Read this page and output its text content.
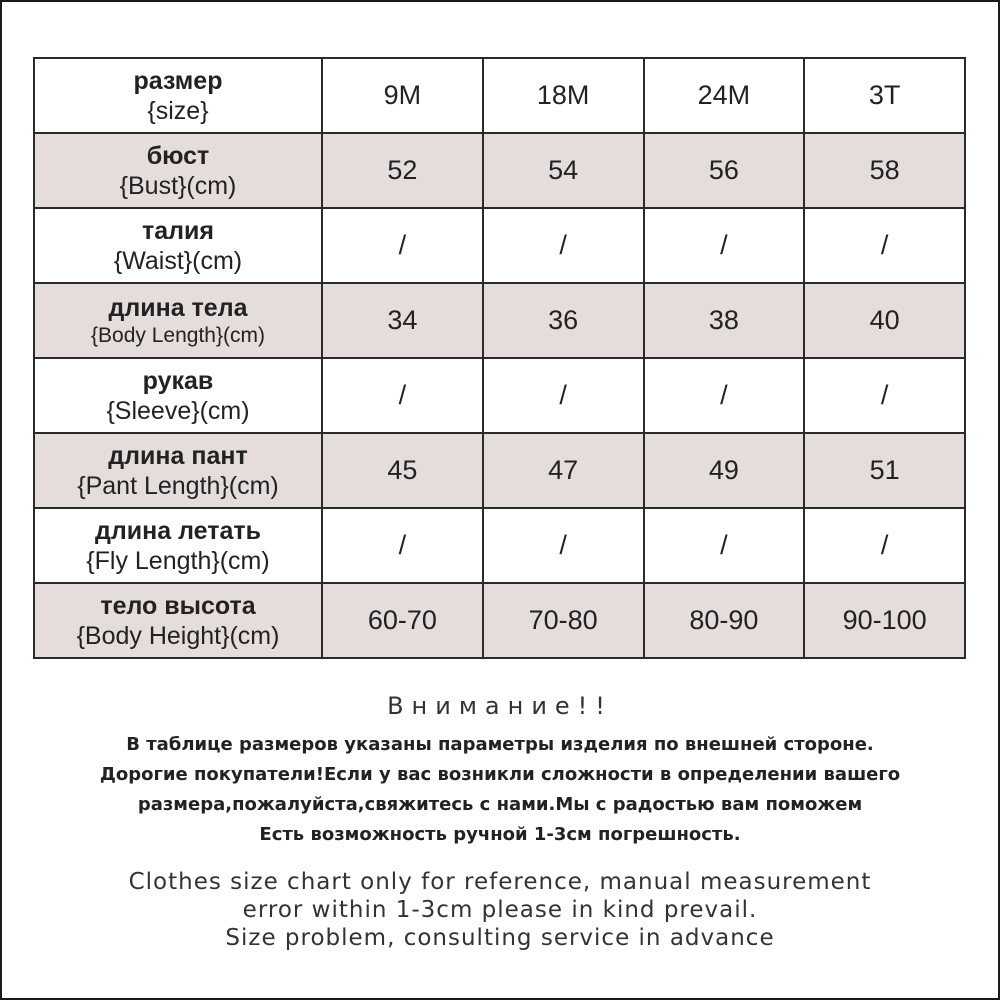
размер
{size}	9M	18M	24M	3T

бюст
{Bust}(cm)	52	54	56	58

талия
{Waist}(cm)	/	/	/	/

длина тела
{Body Length}(cm)	34	36	38	40

рукав
{Sleeve}(cm)	/	/	/	/

длина пант
{Pant Length}(cm)	45	47	49	51

длина летать
{Fly Length}(cm)	/	/	/	/

тело высота
{Body Height}(cm)	60-70	70-80	80-90	90-100
Внимание!!
В таблице размеров указаны параметры изделия по внешней стороне.
Дорогие покупатели!Если у вас возникли сложности в определении вашего
размера,пожалуйста,свяжитесь с нами.Мы с радостью вам поможем
Есть возможность ручной 1-3см погрешность.
Clothes size chart only for reference, manual measurement
error within 1-3cm please in kind prevail.
Size problem, consulting service in advance
